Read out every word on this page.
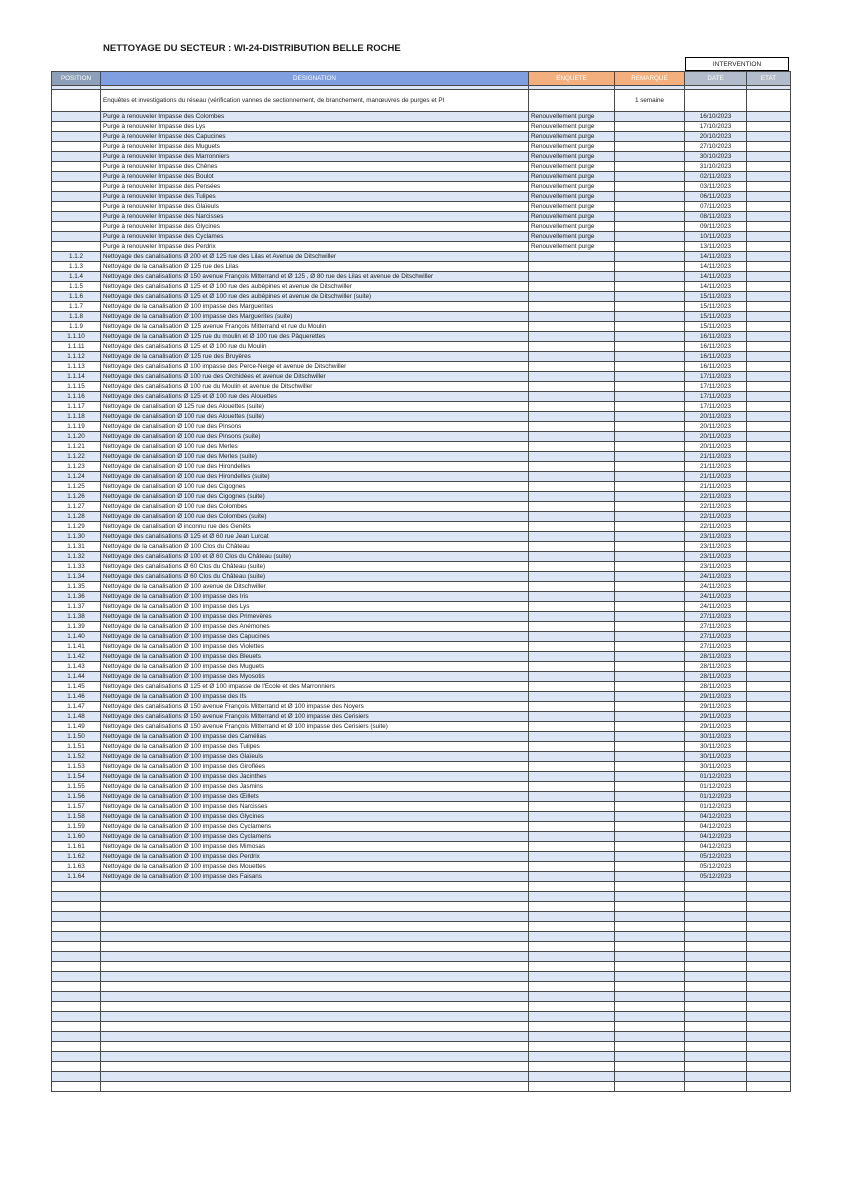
NETTOYAGE DU SECTEUR : WI-24-DISTRIBUTION BELLE ROCHE
INTERVENTION
POSITION	DESIGNATION	ENQUETE	REMARQUE	DATE	ETAT

	Enquêtes et investigations du réseau (vérification vannes de sectionnement, de branchement, manœuvres de purges et PI		1 semaine		
	Purge à renouveler Impasse des Colombes	Renouvellement purge		16/10/2023	
	Purge à renouveler Impasse des Lys	Renouvellement purge		17/10/2023	
	Purge à renouveler Impasse des Capucines	Renouvellement purge		20/10/2023	
	Purge à renouveler Impasse des Muguets	Renouvellement purge		27/10/2023	
	Purge à renouveler Impasse des Marronniers	Renouvellement purge		30/10/2023	
	Purge à renouveler Impasse des Chênes	Renouvellement purge		31/10/2023	
	Purge à renouveler Impasse des Boulot	Renouvellement purge		02/11/2023	
	Purge à renouveler Impasse des Pensées	Renouvellement purge		03/11/2023	
	Purge à renouveler Impasse des Tulipes	Renouvellement purge		06/11/2023	
	Purge à renouveler Impasse des Glaïeuls	Renouvellement purge		07/11/2023	
	Purge à renouveler Impasse des Narcisses	Renouvellement purge		08/11/2023	
	Purge à renouveler Impasse des Glycines	Renouvellement purge		09/11/2023	
	Purge à renouveler Impasse des Cyclames	Renouvellement purge		10/11/2023	
	Purge à renouveler Impasse des Perdrix	Renouvellement purge		13/11/2023	
1.1.2	Nettoyage des canalisations Ø 200 et Ø 125 rue des Lilas et Avenue de Ditschwiller			14/11/2023	
1.1.3	Nettoyage de la canalisation Ø 125 rue des Lilas			14/11/2023	
1.1.4	Nettoyage des canalisations Ø 150 avenue François Mitterrand et Ø 125 , Ø 80 rue des Lilas et avenue de Ditschwiller			14/11/2023	
1.1.5	Nettoyage des canalisations Ø 125 et Ø 100 rue des aubépines et avenue de Ditschwiller			14/11/2023	
1.1.6	Nettoyage des canalisations Ø 125 et Ø 100 rue des aubépines et avenue de Ditschwiller (suite)			15/11/2023	
1.1.7	Nettoyage de la canalisation Ø 100 impasse des Marguerites			15/11/2023	
1.1.8	Nettoyage de la canalisation Ø 100 impasse des Marguerites (suite)			15/11/2023	
1.1.9	Nettoyage de la canalisation Ø 125 avenue François Mitterrand et rue du Moulin			15/11/2023	
1.1.10	Nettoyage de la canalisation Ø 125 rue du moulin et Ø 100 rue des Pâquerettes			16/11/2023	
1.1.11	Nettoyage des canalisations Ø 125 et Ø 100 rue du Moulin			16/11/2023	
1.1.12	Nettoyage de la canalisation Ø 125 rue des Bruyères			16/11/2023	
1.1.13	Nettoyage des canalisations Ø 100 impasse des Perce-Neige et avenue de Ditschwiller			16/11/2023	
1.1.14	Nettoyage des canalisations Ø 100 rue des Orchidées et avenue de Ditschwiller			17/11/2023	
1.1.15	Nettoyage des canalisations Ø 100 rue du Moulin et avenue de Ditschwiller			17/11/2023	
1.1.16	Nettoyage des canalisations Ø 125 et Ø 100 rue des Alouettes			17/11/2023	
1.1.17	Nettoyage de canalisation Ø 125 rue des Alouettes (suite)			17/11/2023	
1.1.18	Nettoyage de canalisation Ø 100 rue des Alouettes (suite)			20/11/2023	
1.1.19	Nettoyage de canalisation Ø 100 rue des Pinsons			20/11/2023	
1.1.20	Nettoyage de canalisation Ø 100 rue des Pinsons (suite)			20/11/2023	
1.1.21	Nettoyage de canalisation Ø 100 rue des Merles			20/11/2023	
1.1.22	Nettoyage de canalisation Ø 100 rue des Merles (suite)			21/11/2023	
1.1.23	Nettoyage de canalisation Ø 100 rue des Hirondelles			21/11/2023	
1.1.24	Nettoyage de canalisation Ø 100 rue des Hirondelles (suite)			21/11/2023	
1.1.25	Nettoyage de canalisation Ø 100 rue des Cigognes			21/11/2023	
1.1.26	Nettoyage de canalisation Ø 100 rue des Cigognes (suite)			22/11/2023	
1.1.27	Nettoyage de canalisation Ø 100 rue des Colombes			22/11/2023	
1.1.28	Nettoyage de canalisation Ø 100 rue des Colombes (suite)			22/11/2023	
1.1.29	Nettoyage de canalisation Ø inconnu rue des Genêts			22/11/2023	
1.1.30	Nettoyage des canalisations Ø 125 et Ø 60 rue Jean Lurcat			23/11/2023	
1.1.31	Nettoyage de la canalisation Ø 100 Clos du Château			23/11/2023	
1.1.32	Nettoyage des canalisations Ø 100 et Ø 60 Clos du Château (suite)			23/11/2023	
1.1.33	Nettoyage des canalisations Ø 60 Clos du Château (suite)			23/11/2023	
1.1.34	Nettoyage des canalisations Ø 60 Clos du Château (suite)			24/11/2023	
1.1.35	Nettoyage de la canalisation Ø 100 avenue de Ditschwiller			24/11/2023	
1.1.36	Nettoyage de la canalisation Ø 100 impasse des Iris			24/11/2023	
1.1.37	Nettoyage de la canalisation Ø 100 impasse des Lys			24/11/2023	
1.1.38	Nettoyage de la canalisation Ø 100 impasse des Primevères			27/11/2023	
1.1.39	Nettoyage de la canalisation Ø 100 impasse des Anémones			27/11/2023	
1.1.40	Nettoyage de la canalisation Ø 100 impasse des Capucines			27/11/2023	
1.1.41	Nettoyage de la canalisation Ø 100 impasse des Violettes			27/11/2023	
1.1.42	Nettoyage de la canalisation Ø 100 impasse des Bleuets			28/11/2023	
1.1.43	Nettoyage de la canalisation Ø 100 impasse des Muguets			28/11/2023	
1.1.44	Nettoyage de la canalisation Ø 100 impasse des Myosotis			28/11/2023	
1.1.45	Nettoyage des canalisations Ø 125 et Ø 100 impasse de l'Ecole et des Marronniers			28/11/2023	
1.1.46	Nettoyage de la canalisation Ø 100 impasse des Ifs			29/11/2023	
1.1.47	Nettoyage des canalisations Ø 150 avenue François Mitterrand et Ø 100 impasse des Noyers			29/11/2023	
1.1.48	Nettoyage des canalisations Ø 150 avenue François Mitterrand et Ø 100 impasse des Cerisiers			29/11/2023	
1.1.49	Nettoyage des canalisations Ø 150 avenue François Mitterrand et Ø 100 impasse des Cerisiers (suite)			29/11/2023	
1.1.50	Nettoyage de la canalisation Ø 100 impasse des Camélias			30/11/2023	
1.1.51	Nettoyage de la canalisation Ø 100 impasse des Tulipes			30/11/2023	
1.1.52	Nettoyage de la canalisation Ø 100 impasse des Glaïeuls			30/11/2023	
1.1.53	Nettoyage de la canalisation Ø 100 impasse des Giroflées			30/11/2023	
1.1.54	Nettoyage de la canalisation Ø 100 impasse des Jacinthes			01/12/2023	
1.1.55	Nettoyage de la canalisation Ø 100 impasse des Jasmins			01/12/2023	
1.1.56	Nettoyage de la canalisation Ø 100 impasse des Œillets			01/12/2023	
1.1.57	Nettoyage de la canalisation Ø 100 impasse des Narcisses			01/12/2023	
1.1.58	Nettoyage de la canalisation Ø 100 impasse des Glycines			04/12/2023	
1.1.59	Nettoyage de la canalisation Ø 100 impasse des Cyclamens			04/12/2023	
1.1.60	Nettoyage de la canalisation Ø 100 impasse des Cyclamens			04/12/2023	
1.1.61	Nettoyage de la canalisation Ø 100 impasse des Mimosas			04/12/2023	
1.1.62	Nettoyage de la canalisation Ø 100 impasse des Perdrix			05/12/2023	
1.1.63	Nettoyage de la canalisation Ø 100 impasse des Mouettes			05/12/2023	
1.1.64	Nettoyage de la canalisation Ø 100 impasse des Faisans			05/12/2023	
